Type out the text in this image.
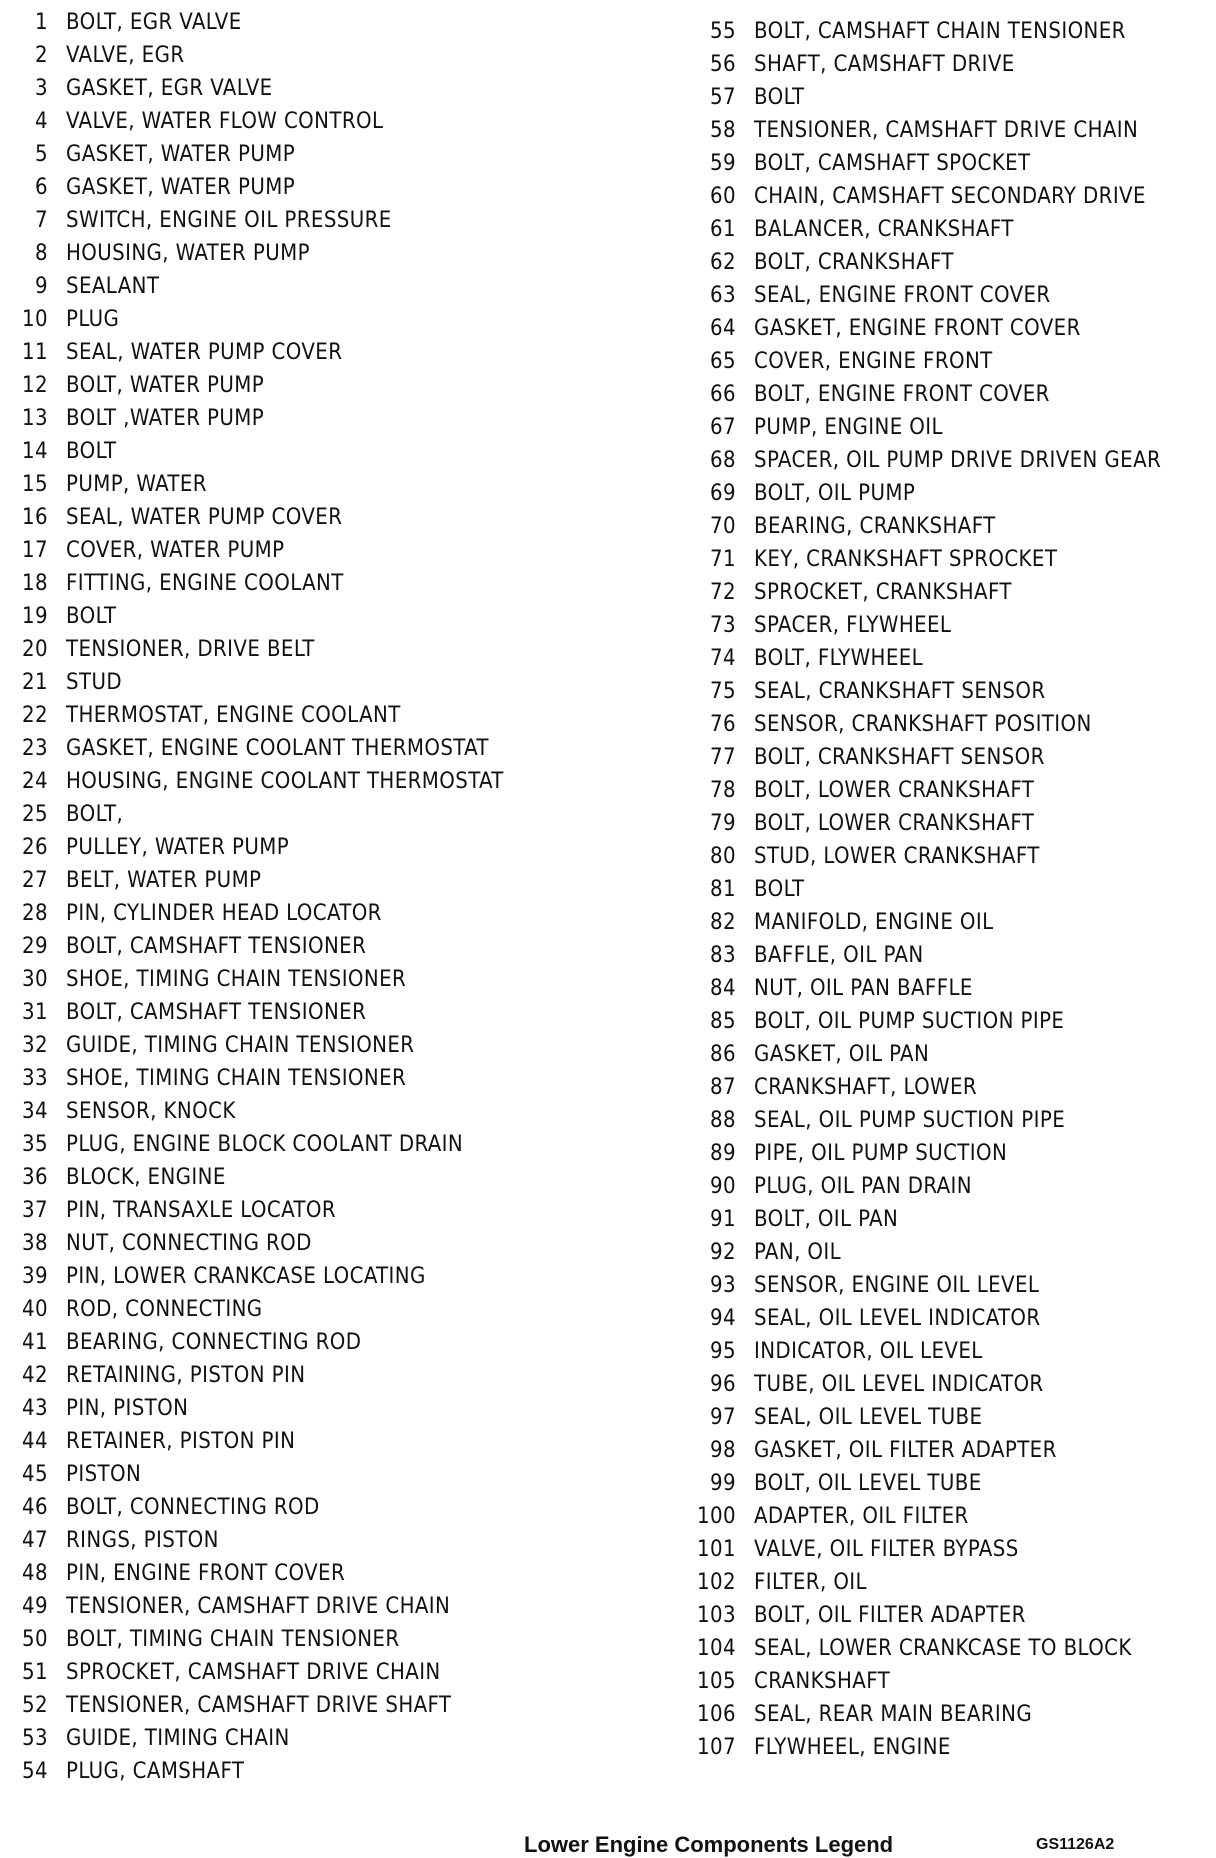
1 BOLT, EGR VALVE
2 VALVE, EGR
3 GASKET, EGR VALVE
4 VALVE, WATER FLOW CONTROL
5 GASKET, WATER PUMP
6 GASKET, WATER PUMP
7 SWITCH, ENGINE OIL PRESSURE
8 HOUSING, WATER PUMP
9 SEALANT
10 PLUG
11 SEAL, WATER PUMP COVER
12 BOLT, WATER PUMP
13 BOLT ,WATER PUMP
14 BOLT
15 PUMP, WATER
16 SEAL, WATER PUMP COVER
17 COVER, WATER PUMP
18 FITTING, ENGINE COOLANT
19 BOLT
20 TENSIONER, DRIVE BELT
21 STUD
22 THERMOSTAT, ENGINE COOLANT
23 GASKET, ENGINE COOLANT THERMOSTAT
24 HOUSING, ENGINE COOLANT THERMOSTAT
25 BOLT,
26 PULLEY, WATER PUMP
27 BELT, WATER PUMP
28 PIN, CYLINDER HEAD LOCATOR
29 BOLT, CAMSHAFT TENSIONER
30 SHOE, TIMING CHAIN TENSIONER
31 BOLT, CAMSHAFT TENSIONER
32 GUIDE, TIMING CHAIN TENSIONER
33 SHOE, TIMING CHAIN TENSIONER
34 SENSOR, KNOCK
35 PLUG, ENGINE BLOCK COOLANT DRAIN
36 BLOCK, ENGINE
37 PIN, TRANSAXLE LOCATOR
38 NUT, CONNECTING ROD
39 PIN, LOWER CRANKCASE LOCATING
40 ROD, CONNECTING
41 BEARING, CONNECTING ROD
42 RETAINING, PISTON PIN
43 PIN, PISTON
44 RETAINER, PISTON PIN
45 PISTON
46 BOLT, CONNECTING ROD
47 RINGS, PISTON
48 PIN, ENGINE FRONT COVER
49 TENSIONER, CAMSHAFT DRIVE CHAIN
50 BOLT, TIMING CHAIN TENSIONER
51 SPROCKET, CAMSHAFT DRIVE CHAIN
52 TENSIONER, CAMSHAFT DRIVE SHAFT
53 GUIDE, TIMING CHAIN
54 PLUG, CAMSHAFT
55 BOLT, CAMSHAFT CHAIN TENSIONER
56 SHAFT, CAMSHAFT DRIVE
57 BOLT
58 TENSIONER, CAMSHAFT DRIVE CHAIN
59 BOLT, CAMSHAFT SPOCKET
60 CHAIN, CAMSHAFT SECONDARY DRIVE
61 BALANCER, CRANKSHAFT
62 BOLT, CRANKSHAFT
63 SEAL, ENGINE FRONT COVER
64 GASKET, ENGINE FRONT COVER
65 COVER, ENGINE FRONT
66 BOLT, ENGINE FRONT COVER
67 PUMP, ENGINE OIL
68 SPACER, OIL PUMP DRIVE DRIVEN GEAR
69 BOLT, OIL PUMP
70 BEARING, CRANKSHAFT
71 KEY, CRANKSHAFT SPROCKET
72 SPROCKET, CRANKSHAFT
73 SPACER, FLYWHEEL
74 BOLT, FLYWHEEL
75 SEAL, CRANKSHAFT SENSOR
76 SENSOR, CRANKSHAFT POSITION
77 BOLT, CRANKSHAFT SENSOR
78 BOLT, LOWER CRANKSHAFT
79 BOLT, LOWER CRANKSHAFT
80 STUD, LOWER CRANKSHAFT
81 BOLT
82 MANIFOLD, ENGINE OIL
83 BAFFLE, OIL PAN
84 NUT, OIL PAN BAFFLE
85 BOLT, OIL PUMP SUCTION PIPE
86 GASKET, OIL PAN
87 CRANKSHAFT, LOWER
88 SEAL, OIL PUMP SUCTION PIPE
89 PIPE, OIL PUMP SUCTION
90 PLUG, OIL PAN DRAIN
91 BOLT, OIL PAN
92 PAN, OIL
93 SENSOR, ENGINE OIL LEVEL
94 SEAL, OIL LEVEL INDICATOR
95 INDICATOR, OIL LEVEL
96 TUBE, OIL LEVEL INDICATOR
97 SEAL, OIL LEVEL TUBE
98 GASKET, OIL FILTER ADAPTER
99 BOLT, OIL LEVEL TUBE
100 ADAPTER, OIL FILTER
101 VALVE, OIL FILTER BYPASS
102 FILTER, OIL
103 BOLT, OIL FILTER ADAPTER
104 SEAL, LOWER CRANKCASE TO BLOCK
105 CRANKSHAFT
106 SEAL, REAR MAIN BEARING
107 FLYWHEEL, ENGINE
Lower Engine Components Legend	GS1126A2
